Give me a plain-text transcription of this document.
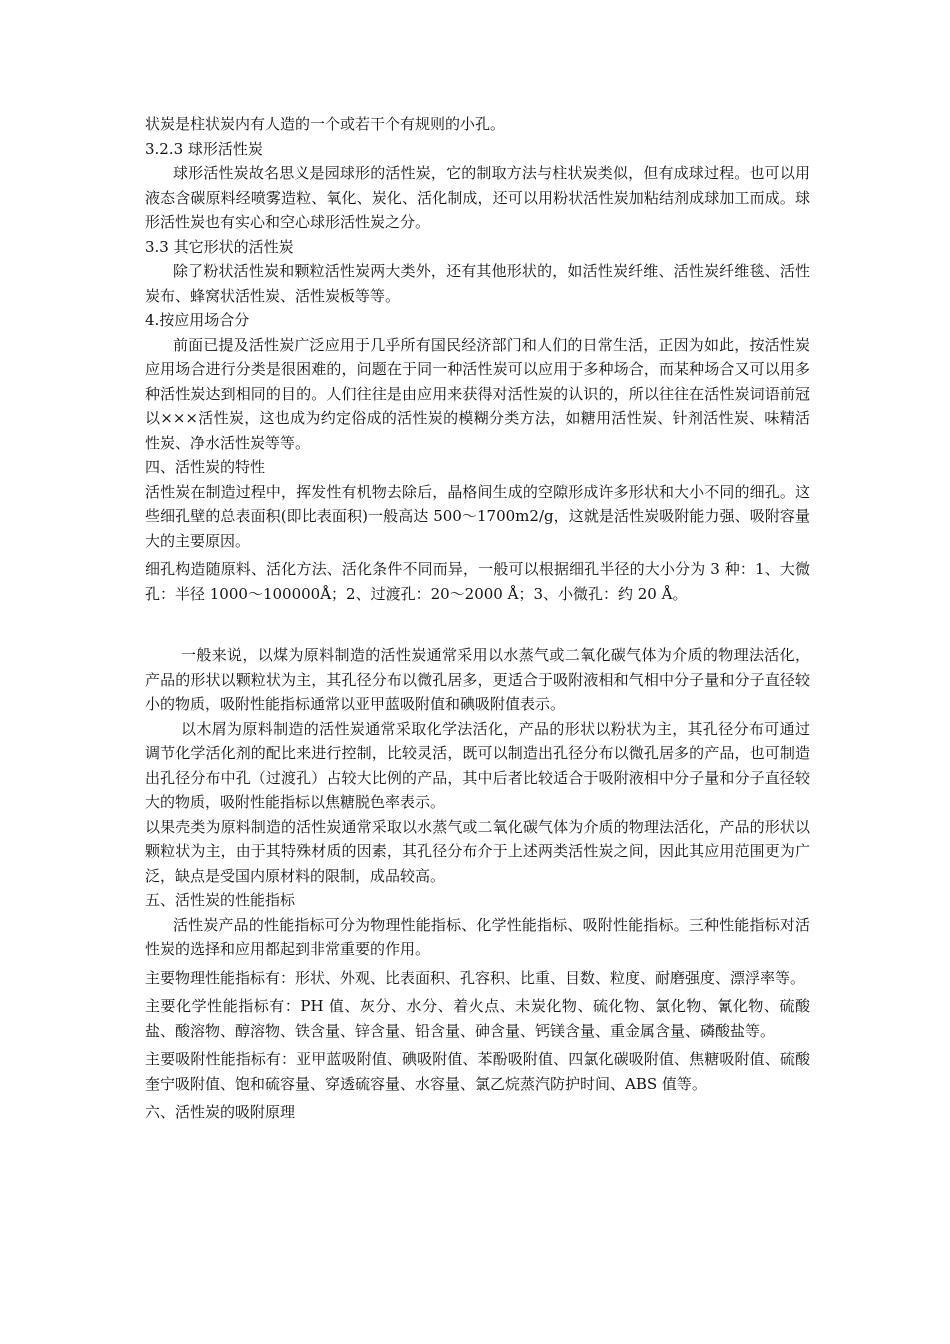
状炭是柱状炭内有人造的一个或若干个有规则的小孔。

3.2.3 球形活性炭

球形活性炭故名思义是园球形的活性炭，它的制取方法与柱状炭类似，但有成球过程。也可以用液态含碳原料经喷雾造粒、氧化、炭化、活化制成，还可以用粉状活性炭加粘结剂成球加工而成。球形活性炭也有实心和空心球形活性炭之分。

3.3 其它形状的活性炭

除了粉状活性炭和颗粒活性炭两大类外，还有其他形状的，如活性炭纤维、活性炭纤维毯、活性炭布、蜂窝状活性炭、活性炭板等等。

4.按应用场合分

前面已提及活性炭广泛应用于几乎所有国民经济部门和人们的日常生活，正因为如此，按活性炭应用场合进行分类是很困难的，问题在于同一种活性炭可以应用于多种场合，而某种场合又可以用多种活性炭达到相同的目的。人们往往是由应用来获得对活性炭的认识的，所以往往在活性炭词语前冠以×××活性炭，这也成为约定俗成的活性炭的模糊分类方法，如糖用活性炭、针剂活性炭、味精活性炭、净水活性炭等等。

四、活性炭的特性

活性炭在制造过程中，挥发性有机物去除后，晶格间生成的空隙形成许多形状和大小不同的细孔。这些细孔壁的总表面积(即比表面积)一般高达 500～1700m2/g，这就是活性炭吸附能力强、吸附容量大的主要原因。

细孔构造随原料、活化方法、活化条件不同而异，一般可以根据细孔半径的大小分为 3 种：1、大微孔：半径 1000～100000Å；2、过渡孔：20～2000 Å；3、小微孔：约 20 Å。

一般来说，以煤为原料制造的活性炭通常采用以水蒸气或二氧化碳气体为介质的物理法活化，产品的形状以颗粒状为主，其孔径分布以微孔居多，更适合于吸附液相和气相中分子量和分子直径较小的物质，吸附性能指标通常以亚甲蓝吸附值和碘吸附值表示。

以木屑为原料制造的活性炭通常采取化学法活化，产品的形状以粉状为主，其孔径分布可通过调节化学活化剂的配比来进行控制，比较灵活，既可以制造出孔径分布以微孔居多的产品，也可制造出孔径分布中孔（过渡孔）占较大比例的产品，其中后者比较适合于吸附液相中分子量和分子直径较大的物质，吸附性能指标以焦糖脱色率表示。

以果壳类为原料制造的活性炭通常采取以水蒸气或二氧化碳气体为介质的物理法活化，产品的形状以颗粒状为主，由于其特殊材质的因素，其孔径分布介于上述两类活性炭之间，因此其应用范围更为广泛，缺点是受国内原材料的限制，成品较高。

五、活性炭的性能指标

活性炭产品的性能指标可分为物理性能指标、化学性能指标、吸附性能指标。三种性能指标对活性炭的选择和应用都起到非常重要的作用。

主要物理性能指标有：形状、外观、比表面积、孔容积、比重、目数、粒度、耐磨强度、漂浮率等。

主要化学性能指标有：PH 值、灰分、水分、着火点、未炭化物、硫化物、氯化物、氰化物、硫酸盐、酸溶物、醇溶物、铁含量、锌含量、铅含量、砷含量、钙镁含量、重金属含量、磷酸盐等。

主要吸附性能指标有：亚甲蓝吸附值、碘吸附值、苯酚吸附值、四氯化碳吸附值、焦糖吸附值、硫酸奎宁吸附值、饱和硫容量、穿透硫容量、水容量、氯乙烷蒸汽防护时间、ABS 值等。

六、活性炭的吸附原理
